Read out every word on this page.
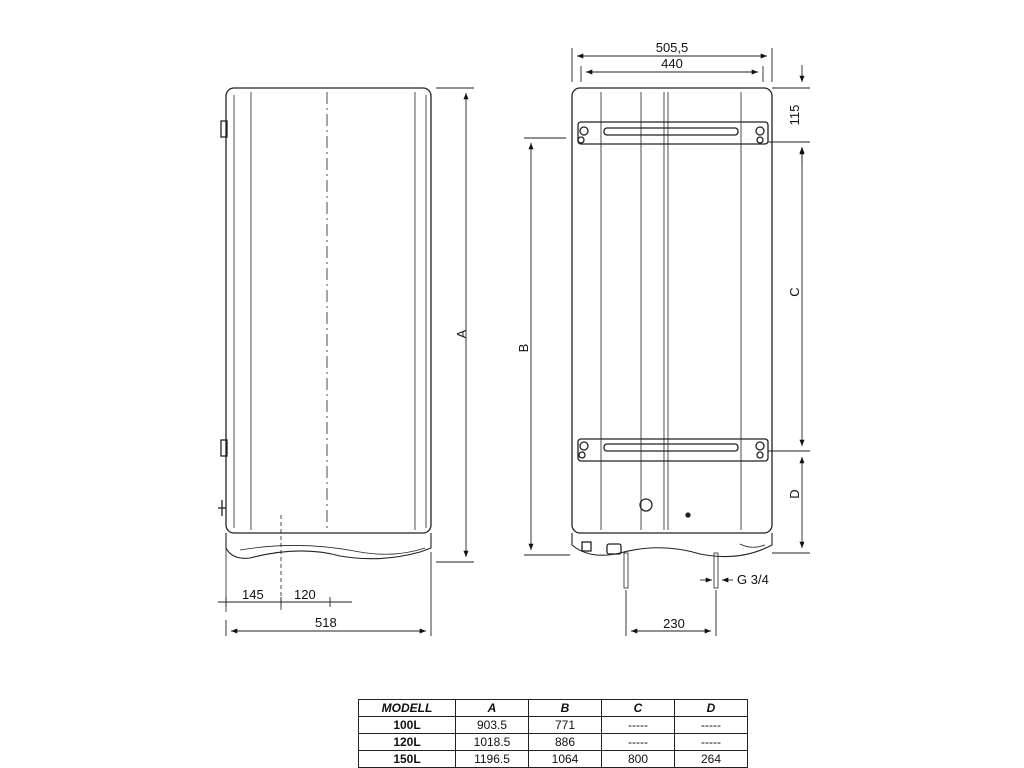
145 120
518
A
505,5
440
115
C
D
B
230
G 3/4
MODELL	A	B	C	D
100L	903.5	771	-----	-----
120L	1018.5	886	-----	-----
150L	1196.5	1064	800	264
